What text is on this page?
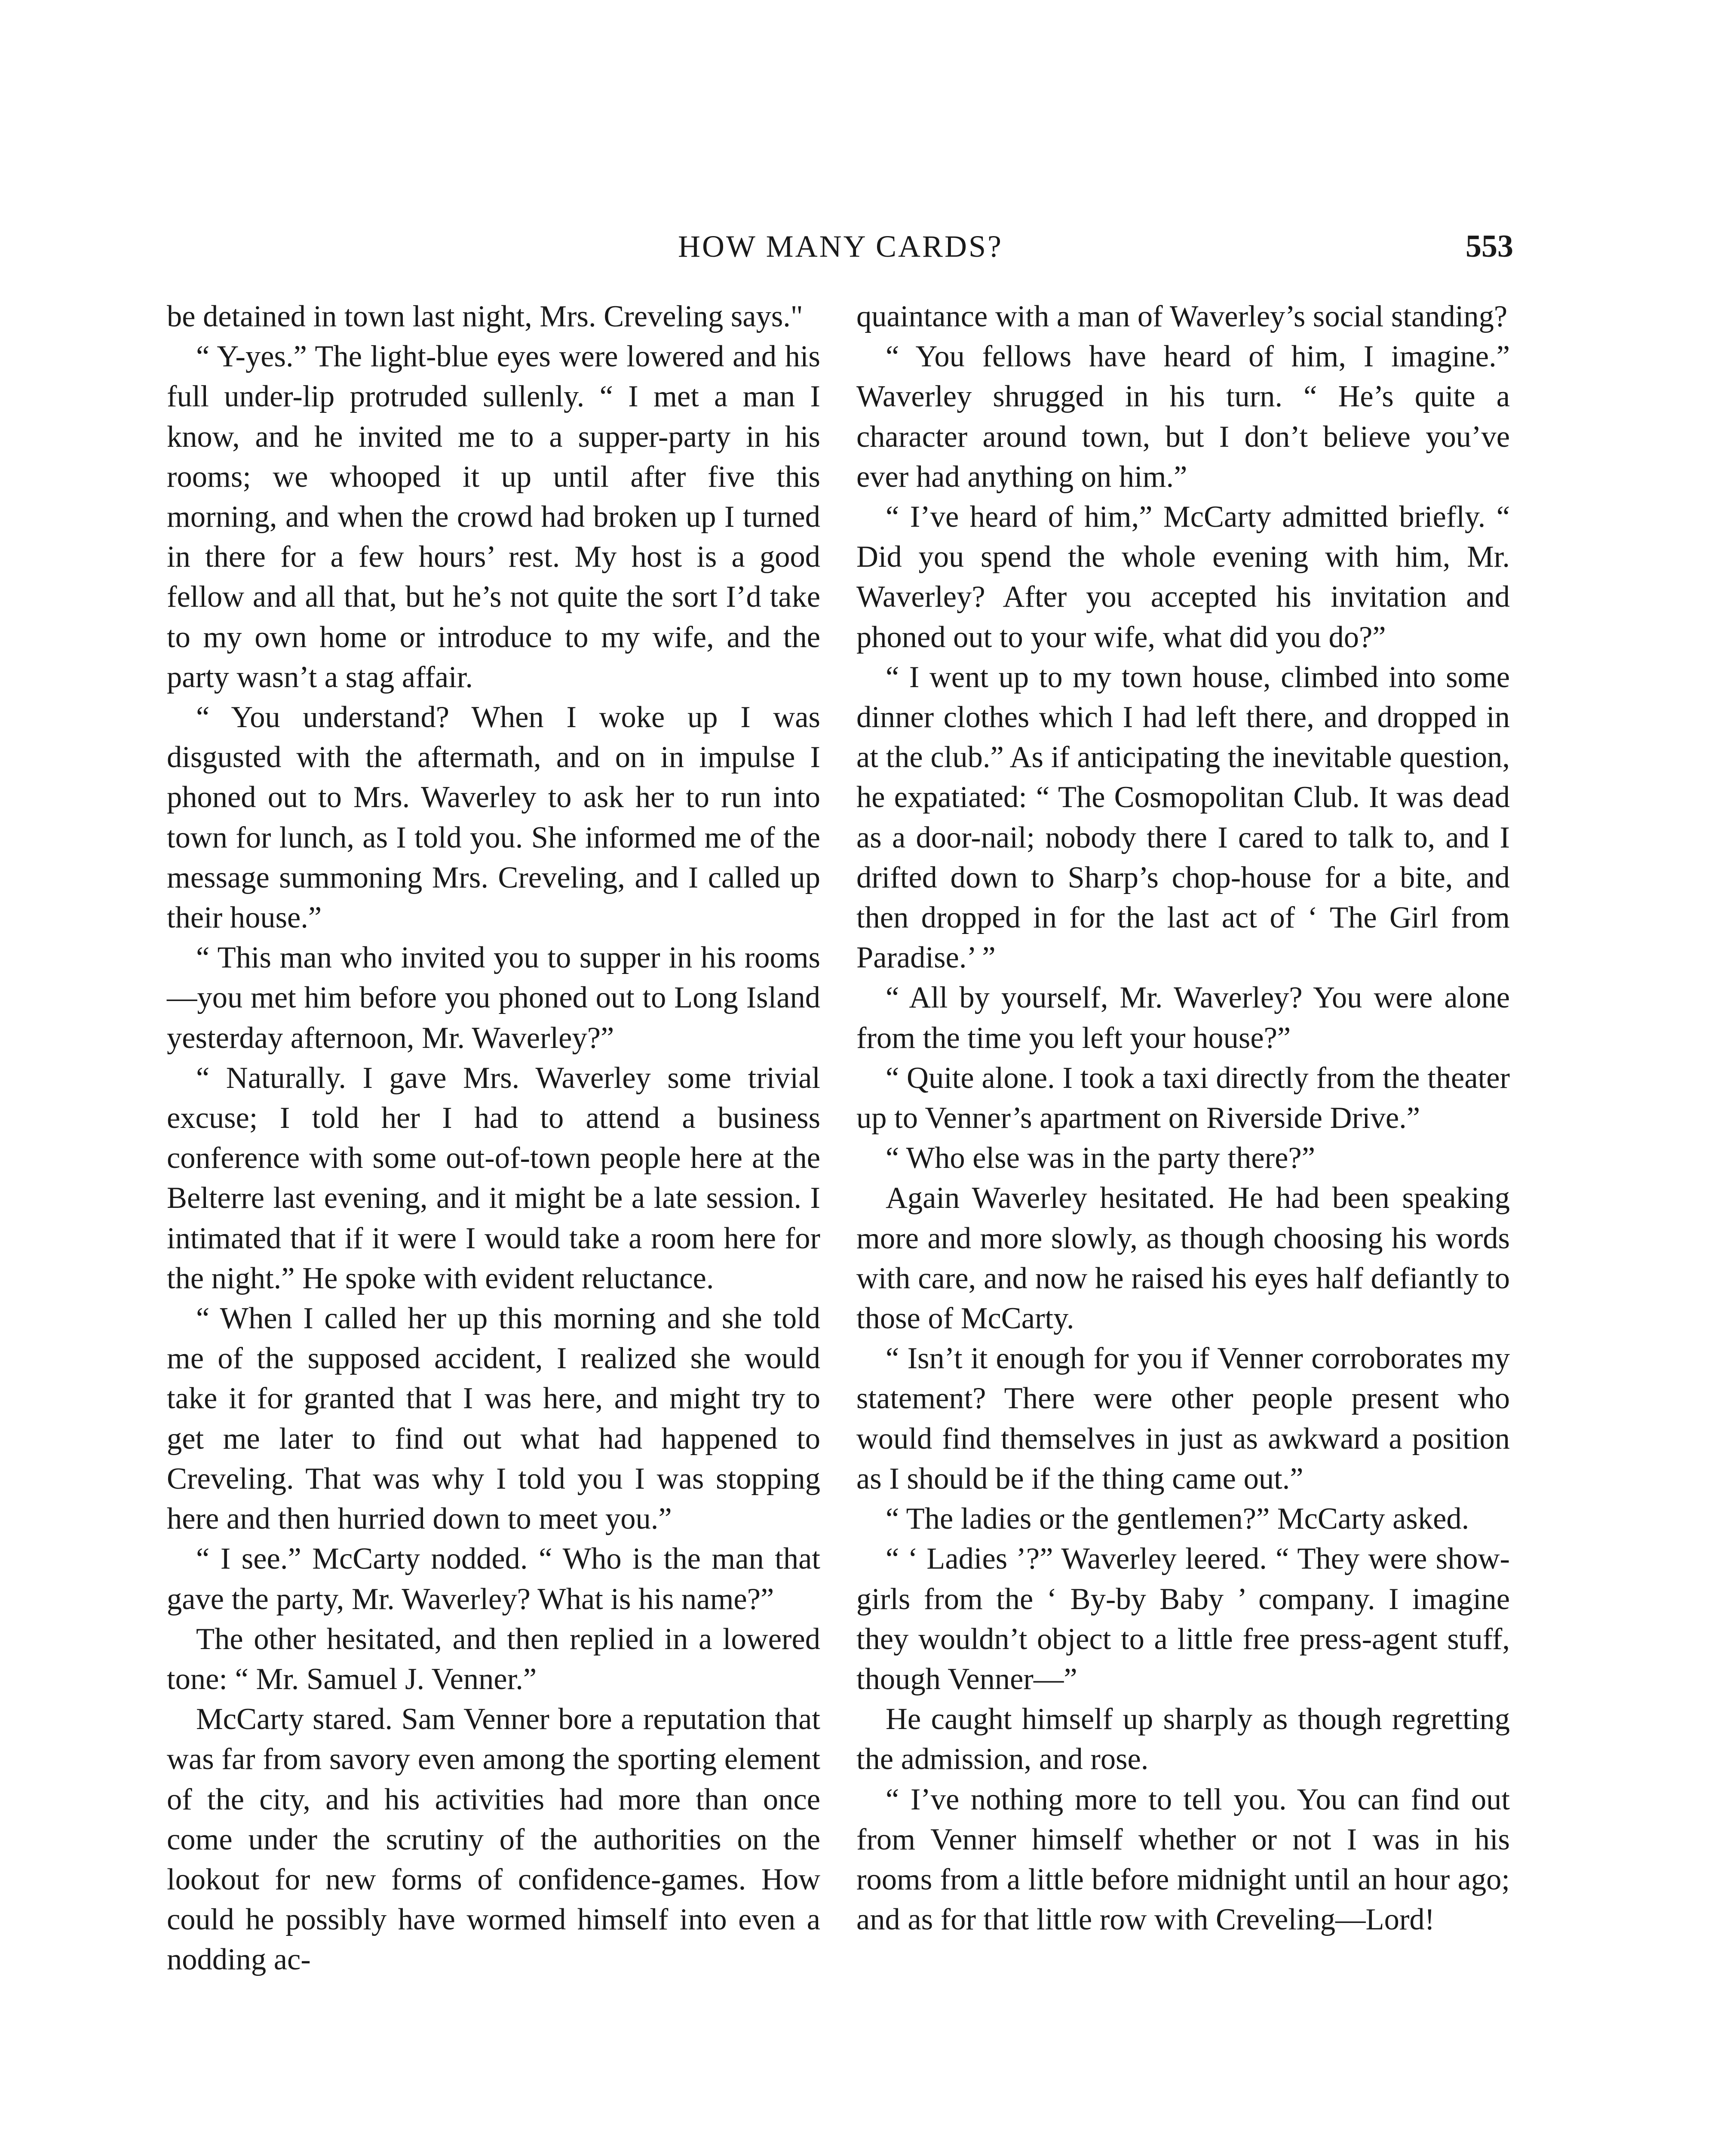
HOW MANY CARDS?	553

be detained in town last night, Mrs. Creveling says."

“ Y-yes.” The light-blue eyes were lowered and his full under-lip protruded sullenly. “ I met a man I know, and he invited me to a supper-party in his rooms; we whooped it up until after five this morning, and when the crowd had broken up I turned in there for a few hours’ rest. My host is a good fellow and all that, but he’s not quite the sort I’d take to my own home or introduce to my wife, and the party wasn’t a stag affair.

“ You understand? When I woke up I was disgusted with the aftermath, and on in impulse I phoned out to Mrs. Waverley to ask her to run into town for lunch, as I told you. She informed me of the message summoning Mrs. Creveling, and I called up their house.”

“ This man who invited you to supper in his rooms—you met him before you phoned out to Long Island yesterday afternoon, Mr. Waverley?”

“ Naturally. I gave Mrs. Waverley some trivial excuse; I told her I had to attend a business conference with some out-of-town people here at the Belterre last evening, and it might be a late session. I intimated that if it were I would take a room here for the night.” He spoke with evident reluctance.

“ When I called her up this morning and she told me of the supposed accident, I realized she would take it for granted that I was here, and might try to get me later to find out what had happened to Creveling. That was why I told you I was stopping here and then hurried down to meet you.”

“ I see.” McCarty nodded. “ Who is the man that gave the party, Mr. Waverley? What is his name?”

The other hesitated, and then replied in a lowered tone: “ Mr. Samuel J. Venner.”

McCarty stared. Sam Venner bore a reputation that was far from savory even among the sporting element of the city, and his activities had more than once come under the scrutiny of the authorities on the lookout for new forms of confidence-games. How could he possibly have wormed himself into even a nodding ac-

quaintance with a man of Waverley’s social standing?

“ You fellows have heard of him, I imagine.” Waverley shrugged in his turn. “ He’s quite a character around town, but I don’t believe you’ve ever had anything on him.”

“ I’ve heard of him,” McCarty admitted briefly. “ Did you spend the whole evening with him, Mr. Waverley? After you accepted his invitation and phoned out to your wife, what did you do?”

“ I went up to my town house, climbed into some dinner clothes which I had left there, and dropped in at the club.” As if anticipating the inevitable question, he expatiated: “ The Cosmopolitan Club. It was dead as a door-nail; nobody there I cared to talk to, and I drifted down to Sharp’s chop-house for a bite, and then dropped in for the last act of ‘ The Girl from Paradise.’ ”

“ All by yourself, Mr. Waverley? You were alone from the time you left your house?”

“ Quite alone. I took a taxi directly from the theater up to Venner’s apartment on Riverside Drive.”

“ Who else was in the party there?”

Again Waverley hesitated. He had been speaking more and more slowly, as though choosing his words with care, and now he raised his eyes half defiantly to those of McCarty.

“ Isn’t it enough for you if Venner corroborates my statement? There were other people present who would find themselves in just as awkward a position as I should be if the thing came out.”

“ The ladies or the gentlemen?” McCarty asked.

“ ‘ Ladies ’?” Waverley leered. “ They were show-girls from the ‘ By-by Baby ’ company. I imagine they wouldn’t object to a little free press-agent stuff, though Venner—”

He caught himself up sharply as though regretting the admission, and rose.

“ I’ve nothing more to tell you. You can find out from Venner himself whether or not I was in his rooms from a little before midnight until an hour ago; and as for that little row with Creveling—Lord!
